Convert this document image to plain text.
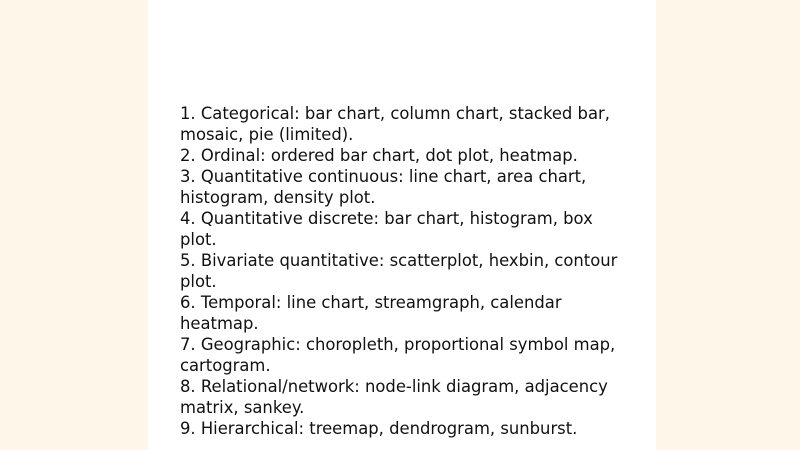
1. Categorical: bar chart, column chart, stacked bar, mosaic, pie (limited).
2. Ordinal: ordered bar chart, dot plot, heatmap.
3. Quantitative continuous: line chart, area chart, histogram, density plot.
4. Quantitative discrete: bar chart, histogram, box plot.
5. Bivariate quantitative: scatterplot, hexbin, contour plot.
6. Temporal: line chart, streamgraph, calendar heatmap.
7. Geographic: choropleth, proportional symbol map, cartogram.
8. Relational/network: node-link diagram, adjacency matrix, sankey.
9. Hierarchical: treemap, dendrogram, sunburst.
